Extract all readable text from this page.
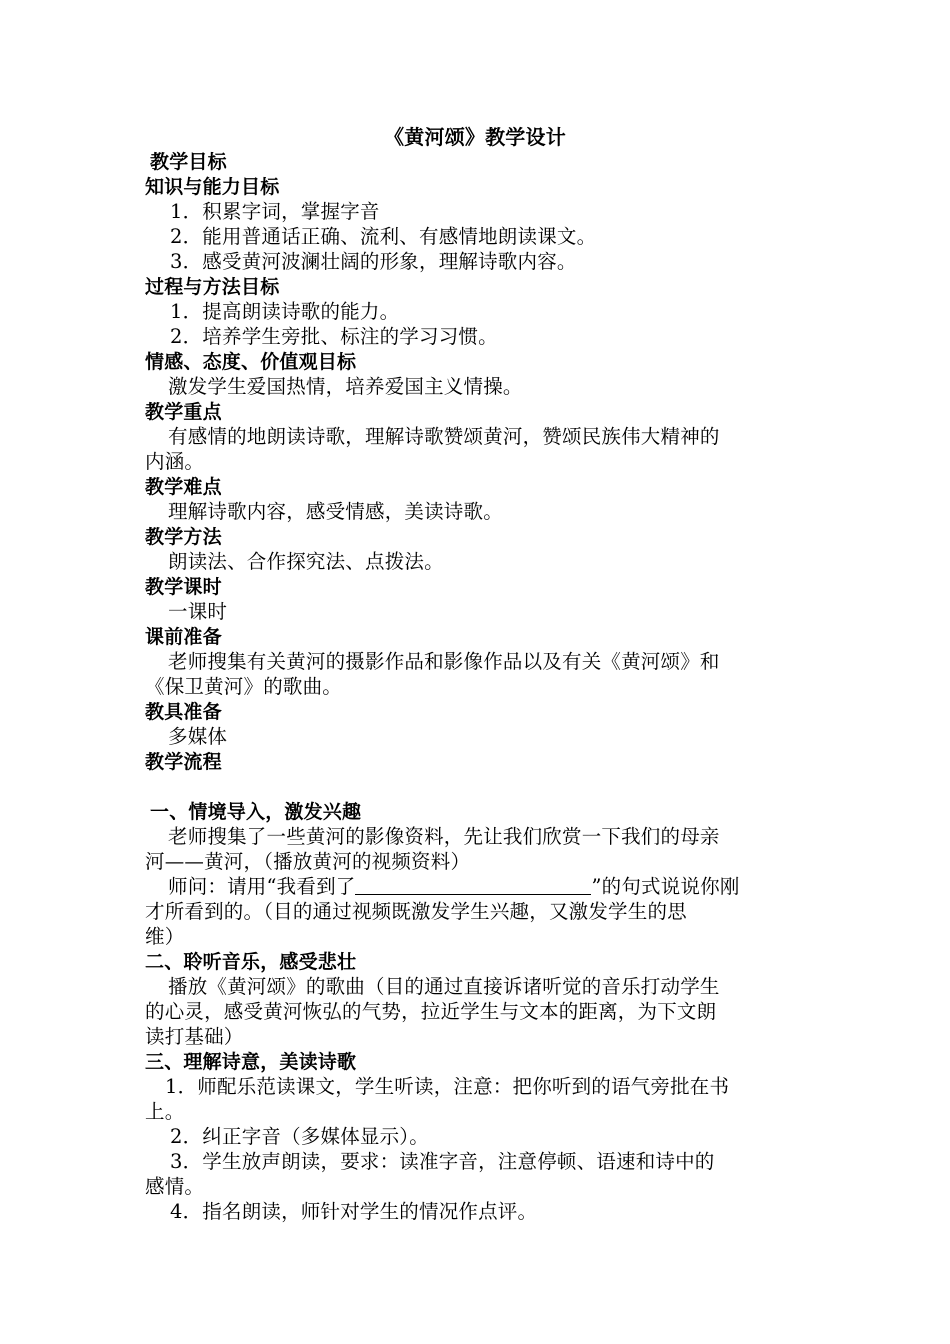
《黄河颂》教学设计
教学目标
知识与能力目标
1．积累字词，掌握字音
2．能用普通话正确、流利、有感情地朗读课文。
3．感受黄河波澜壮阔的形象，理解诗歌内容。
过程与方法目标
1．提高朗读诗歌的能力。
2．培养学生旁批、标注的学习习惯。
情感、态度、价值观目标
激发学生爱国热情，培养爱国主义情操。
教学重点
有感情的地朗读诗歌，理解诗歌赞颂黄河，赞颂民族伟大精神的
内涵。
教学难点
理解诗歌内容，感受情感，美读诗歌。
教学方法
朗读法、合作探究法、点拨法。
教学课时
一课时
课前准备
老师搜集有关黄河的摄影作品和影像作品以及有关《黄河颂》和
《保卫黄河》的歌曲。
教具准备
多媒体
教学流程
一、情境导入，激发兴趣
老师搜集了一些黄河的影像资料，先让我们欣赏一下我们的母亲
河——黄河，（播放黄河的视频资料）
师问：请用“我看到了	”的句式说说你刚
才所看到的。（目的通过视频既激发学生兴趣，又激发学生的思
维）
二、聆听音乐，感受悲壮
播放《黄河颂》的歌曲（目的通过直接诉诸听觉的音乐打动学生
的心灵，感受黄河恢弘的气势，拉近学生与文本的距离，为下文朗
读打基础）
三、理解诗意，美读诗歌
1．师配乐范读课文，学生听读，注意：把你听到的语气旁批在书
上。
2．纠正字音（多媒体显示）。
3．学生放声朗读，要求：读准字音，注意停顿、语速和诗中的
感情。
4．指名朗读，师针对学生的情况作点评。
